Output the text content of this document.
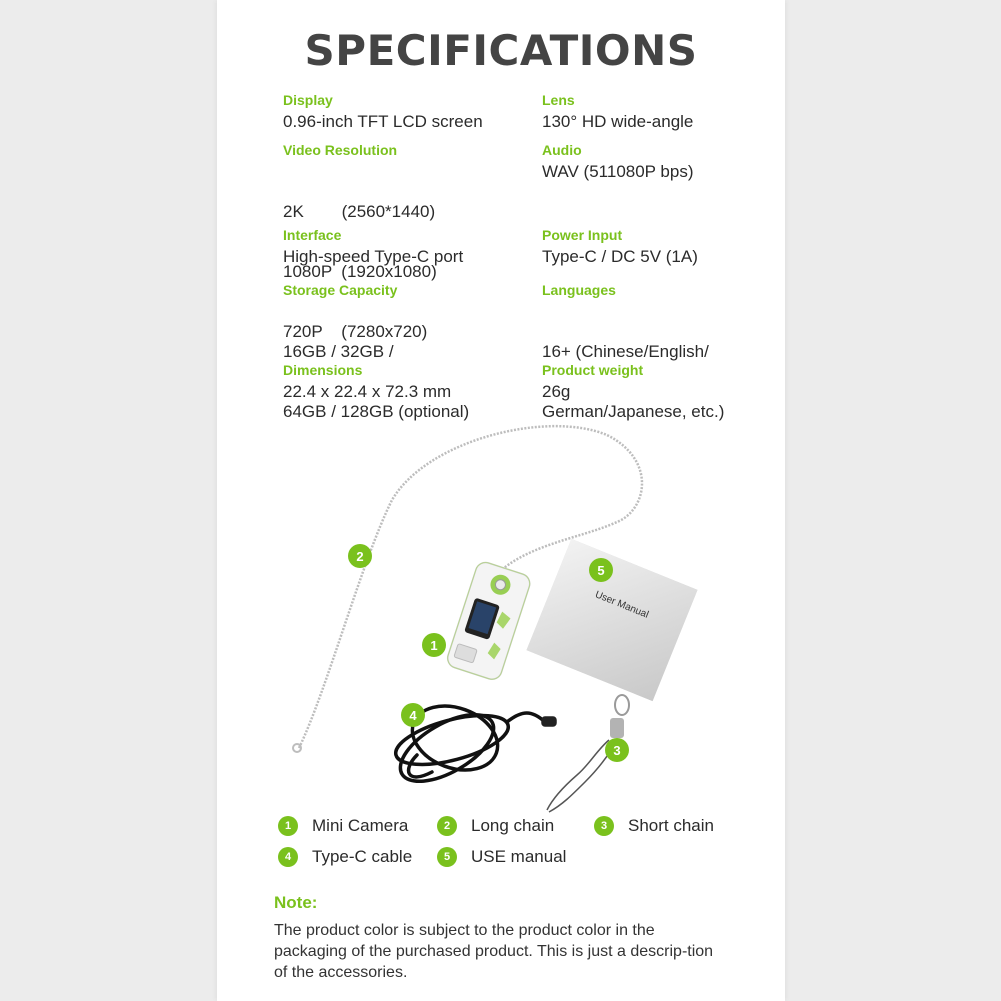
SPECIFICATIONS
Display
0.96-inch TFT LCD screen
Lens
130° HD wide-angle
Video Resolution

2K        (2560*1440)

1080P  (1920x1080)

720P    (7280x720)

Audio
WAV (511080P bps)
Interface
High-speed Type-C port
Power Input
Type-C / DC 5V (1A)
Storage Capacity

16GB / 32GB /

64GB / 128GB (optional)

Languages

16+ (Chinese/English/

German/Japanese, etc.)

Dimensions
22.4 x 22.4 x 72.3 mm
Product weight
26g
User Manual
1
2
3
4
5
1	Mini Camera	2	Long chain	3	Short chain
4	Type-C cable	5	USE manual
Note:
The product color is subject to the product color in the packaging of the purchased product. This is just a descrip-tion of the accessories.
